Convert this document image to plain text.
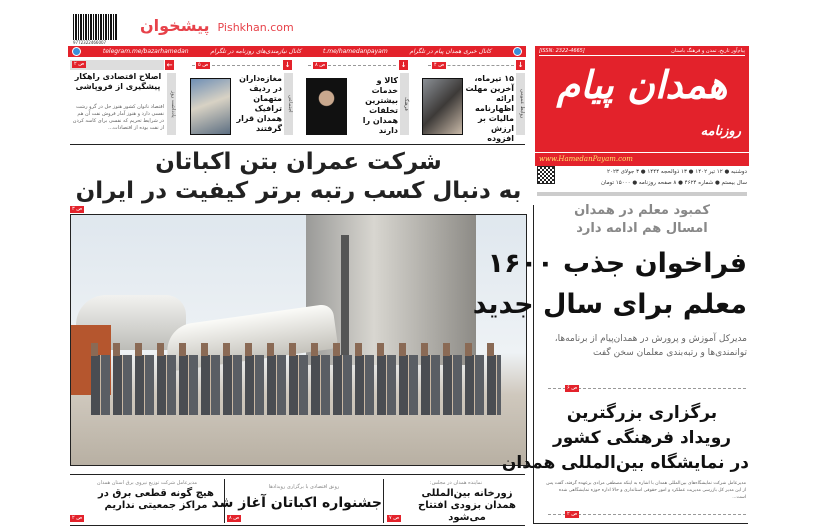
9772322466007
پیشخوان Pishkhan.com
کانال خبری همدان پیام در تلگرام
t.me/hamedanpayam
کانال نیازمندی‌های روزنامه در تلگرام
telegram.me/bazarhamedan
↓
ص ۴
روابط عمومی
۱۵ تیرماه، آخرین مهلت ارائه اظهارنامه مالیات بر ارزش افزوده
↓
ص ۸
فرهنگ
کالا و خدمات بیشترین تخلفات همدان را دارند
↓
ص ۵
اجتماعی
مغازه‌داران در ردیف متهمان ترافیک همدان قرار گرفتند
←
ص ۲
یادداشت روز
اصلاح اقتصادی راهکار پیشگیری از فروپاشی
اقتصاد ناتوان کشور هنوز حل در گرو رشت نفسی دارد و هنوز آمار فروش نفت آن هم در شرایط تحریم که نفسی برای کاسه کردن از نفت بوده از اقتصادات...
شرکت عمران بتن اکباتان
به دنبال کسب رتبه برتر کیفیت در ایران
ص ۳
نماینده همدان در مجلس:
زورخانه بین‌المللی همدان بزودی افتتاح می‌شود
ص ۷
رونق اقتصادی با برگزاری رویدادها
جشنواره اکباتان آغاز شد
ص ۸
مدیرعامل شرکت توزیع نیروی برق استان همدان
هیچ گونه قطعی برق در مراکز جمعیتی نداریم
ص ۲
[ISSN: 2322-4665]	پیام‌آور تاریخ، تمدن و فرهنگ باستان
همدان پیام
روزنامه
www.HamedanPayam.com
دوشنبه ● ۱۲ تیر ۱۴۰۲ ● ۱۳ ذوالحجه ۱۴۴۴ ● ۳ جولای ۲۰۲۳
سال بیستم ● شماره ۴۶۲۴ ● ۸ صفحه روزنامه ● ۱۵۰۰۰ تومان
کمبود معلم در همدان
امسال هم ادامه دارد
فراخوان جذب ۱۶۰۰
معلم برای سال جدید
مدیرکل آموزش و پرورش در همدان‌پیام از برنامه‌ها، توانمندی‌ها و رتبه‌بندی معلمان سخن گفت
ص ۶
برگزاری بزرگترین
رویداد فرهنگی کشور
در نمایشگاه بین‌المللی همدان
مدیرعامل شرکت نمایشگاه‌های بین‌المللی همدان با اشاره به اینکه مصطفی مرادی برعهده گرفته، گفت پس از این مدیر کل بازرسی مدیریت عملکرد و امور حقوقی استانداری و حالا اداره حوزه نمایشگاهی شده است...
ص ۲
